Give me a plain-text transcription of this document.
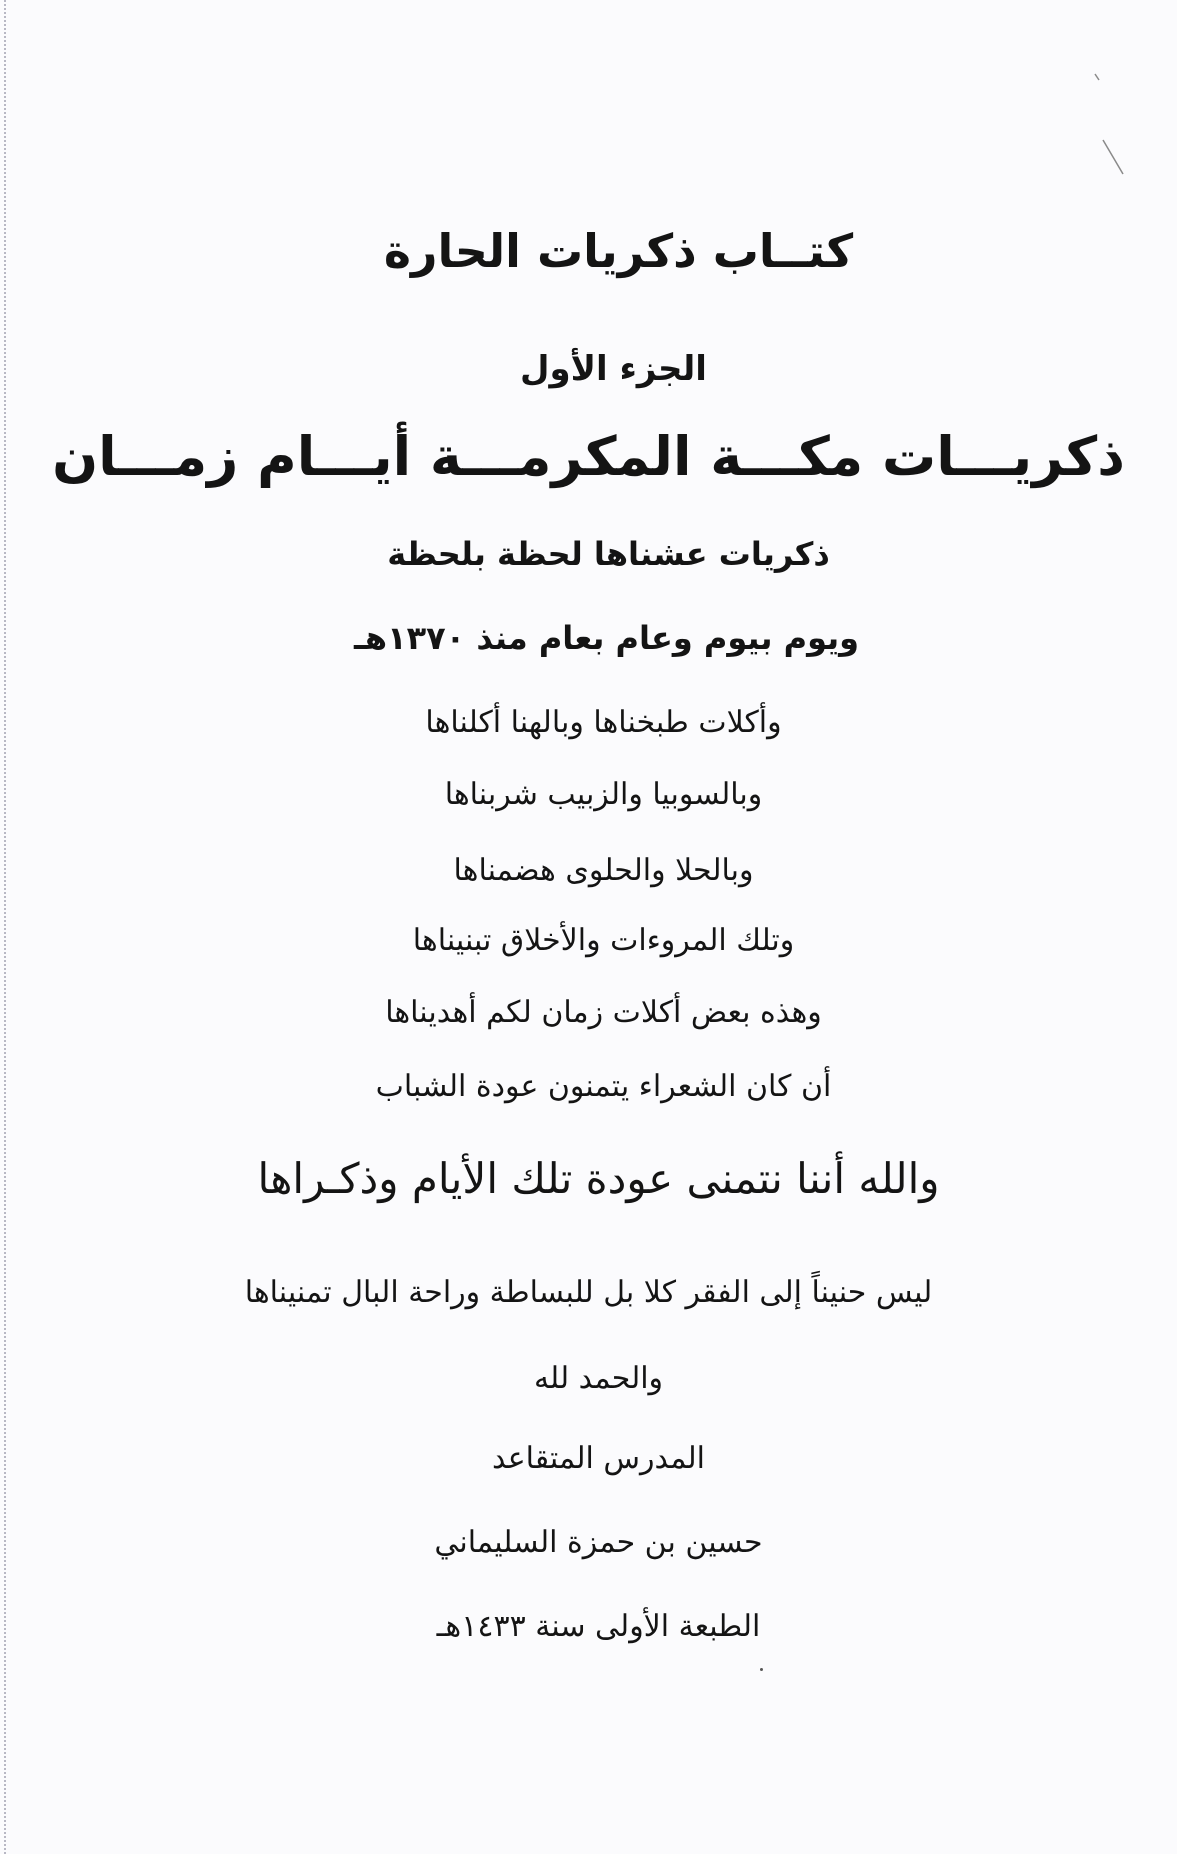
كتــاب ذكريات الحارة
الجزء الأول
ذكريـــات مكـــة المكرمـــة أيـــام زمـــان
ذكريات عشناها لحظة بلحظة
ويوم بيوم وعام بعام منذ ١٣٧٠هـ
وأكلات طبخناها وبالهنا أكلناها
وبالسوبيا والزبيب شربناها
وبالحلا والحلوى هضمناها
وتلك المروءات والأخلاق تبنيناها
وهذه بعض أكلات زمان لكم أهديناها
أن كان الشعراء يتمنون عودة الشباب
والله أننا نتمنى عودة تلك الأيام وذكـراها
ليس حنيناً إلى الفقر كلا بل للبساطة وراحة البال تمنيناها
والحمد لله
المدرس المتقاعد
حسين بن حمزة السليماني
الطبعة الأولى سنة ١٤٣٣هـ
